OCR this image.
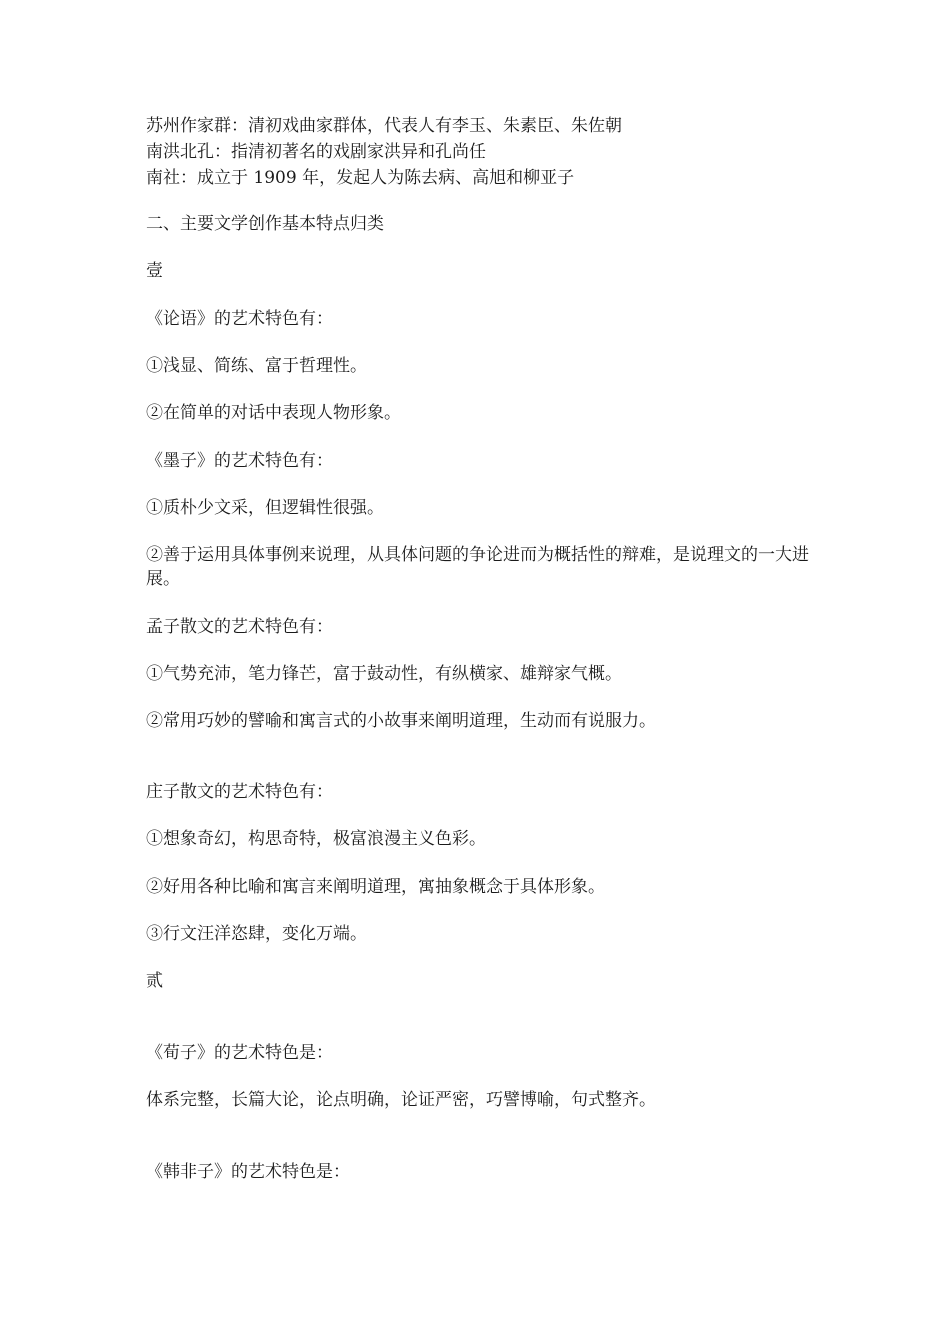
苏州作家群：清初戏曲家群体，代表人有李玉、朱素臣、朱佐朝

南洪北孔：指清初著名的戏剧家洪异和孔尚任

南社：成立于 1909 年，发起人为陈去病、高旭和柳亚子

二、主要文学创作基本特点归类

壹

《论语》的艺术特色有：

①浅显、简练、富于哲理性。

②在简单的对话中表现人物形象。

《墨子》的艺术特色有：

①质朴少文采，但逻辑性很强。

②善于运用具体事例来说理，从具体问题的争论进而为概括性的辩难，是说理文的一大进展。

孟子散文的艺术特色有：

①气势充沛，笔力锋芒，富于鼓动性，有纵横家、雄辩家气概。

②常用巧妙的譬喻和寓言式的小故事来阐明道理，生动而有说服力。

庄子散文的艺术特色有：

①想象奇幻，构思奇特，极富浪漫主义色彩。

②好用各种比喻和寓言来阐明道理，寓抽象概念于具体形象。

③行文汪洋恣肆，变化万端。

贰

《荀子》的艺术特色是：

体系完整，长篇大论，论点明确，论证严密，巧譬博喻，句式整齐。

《韩非子》的艺术特色是：
